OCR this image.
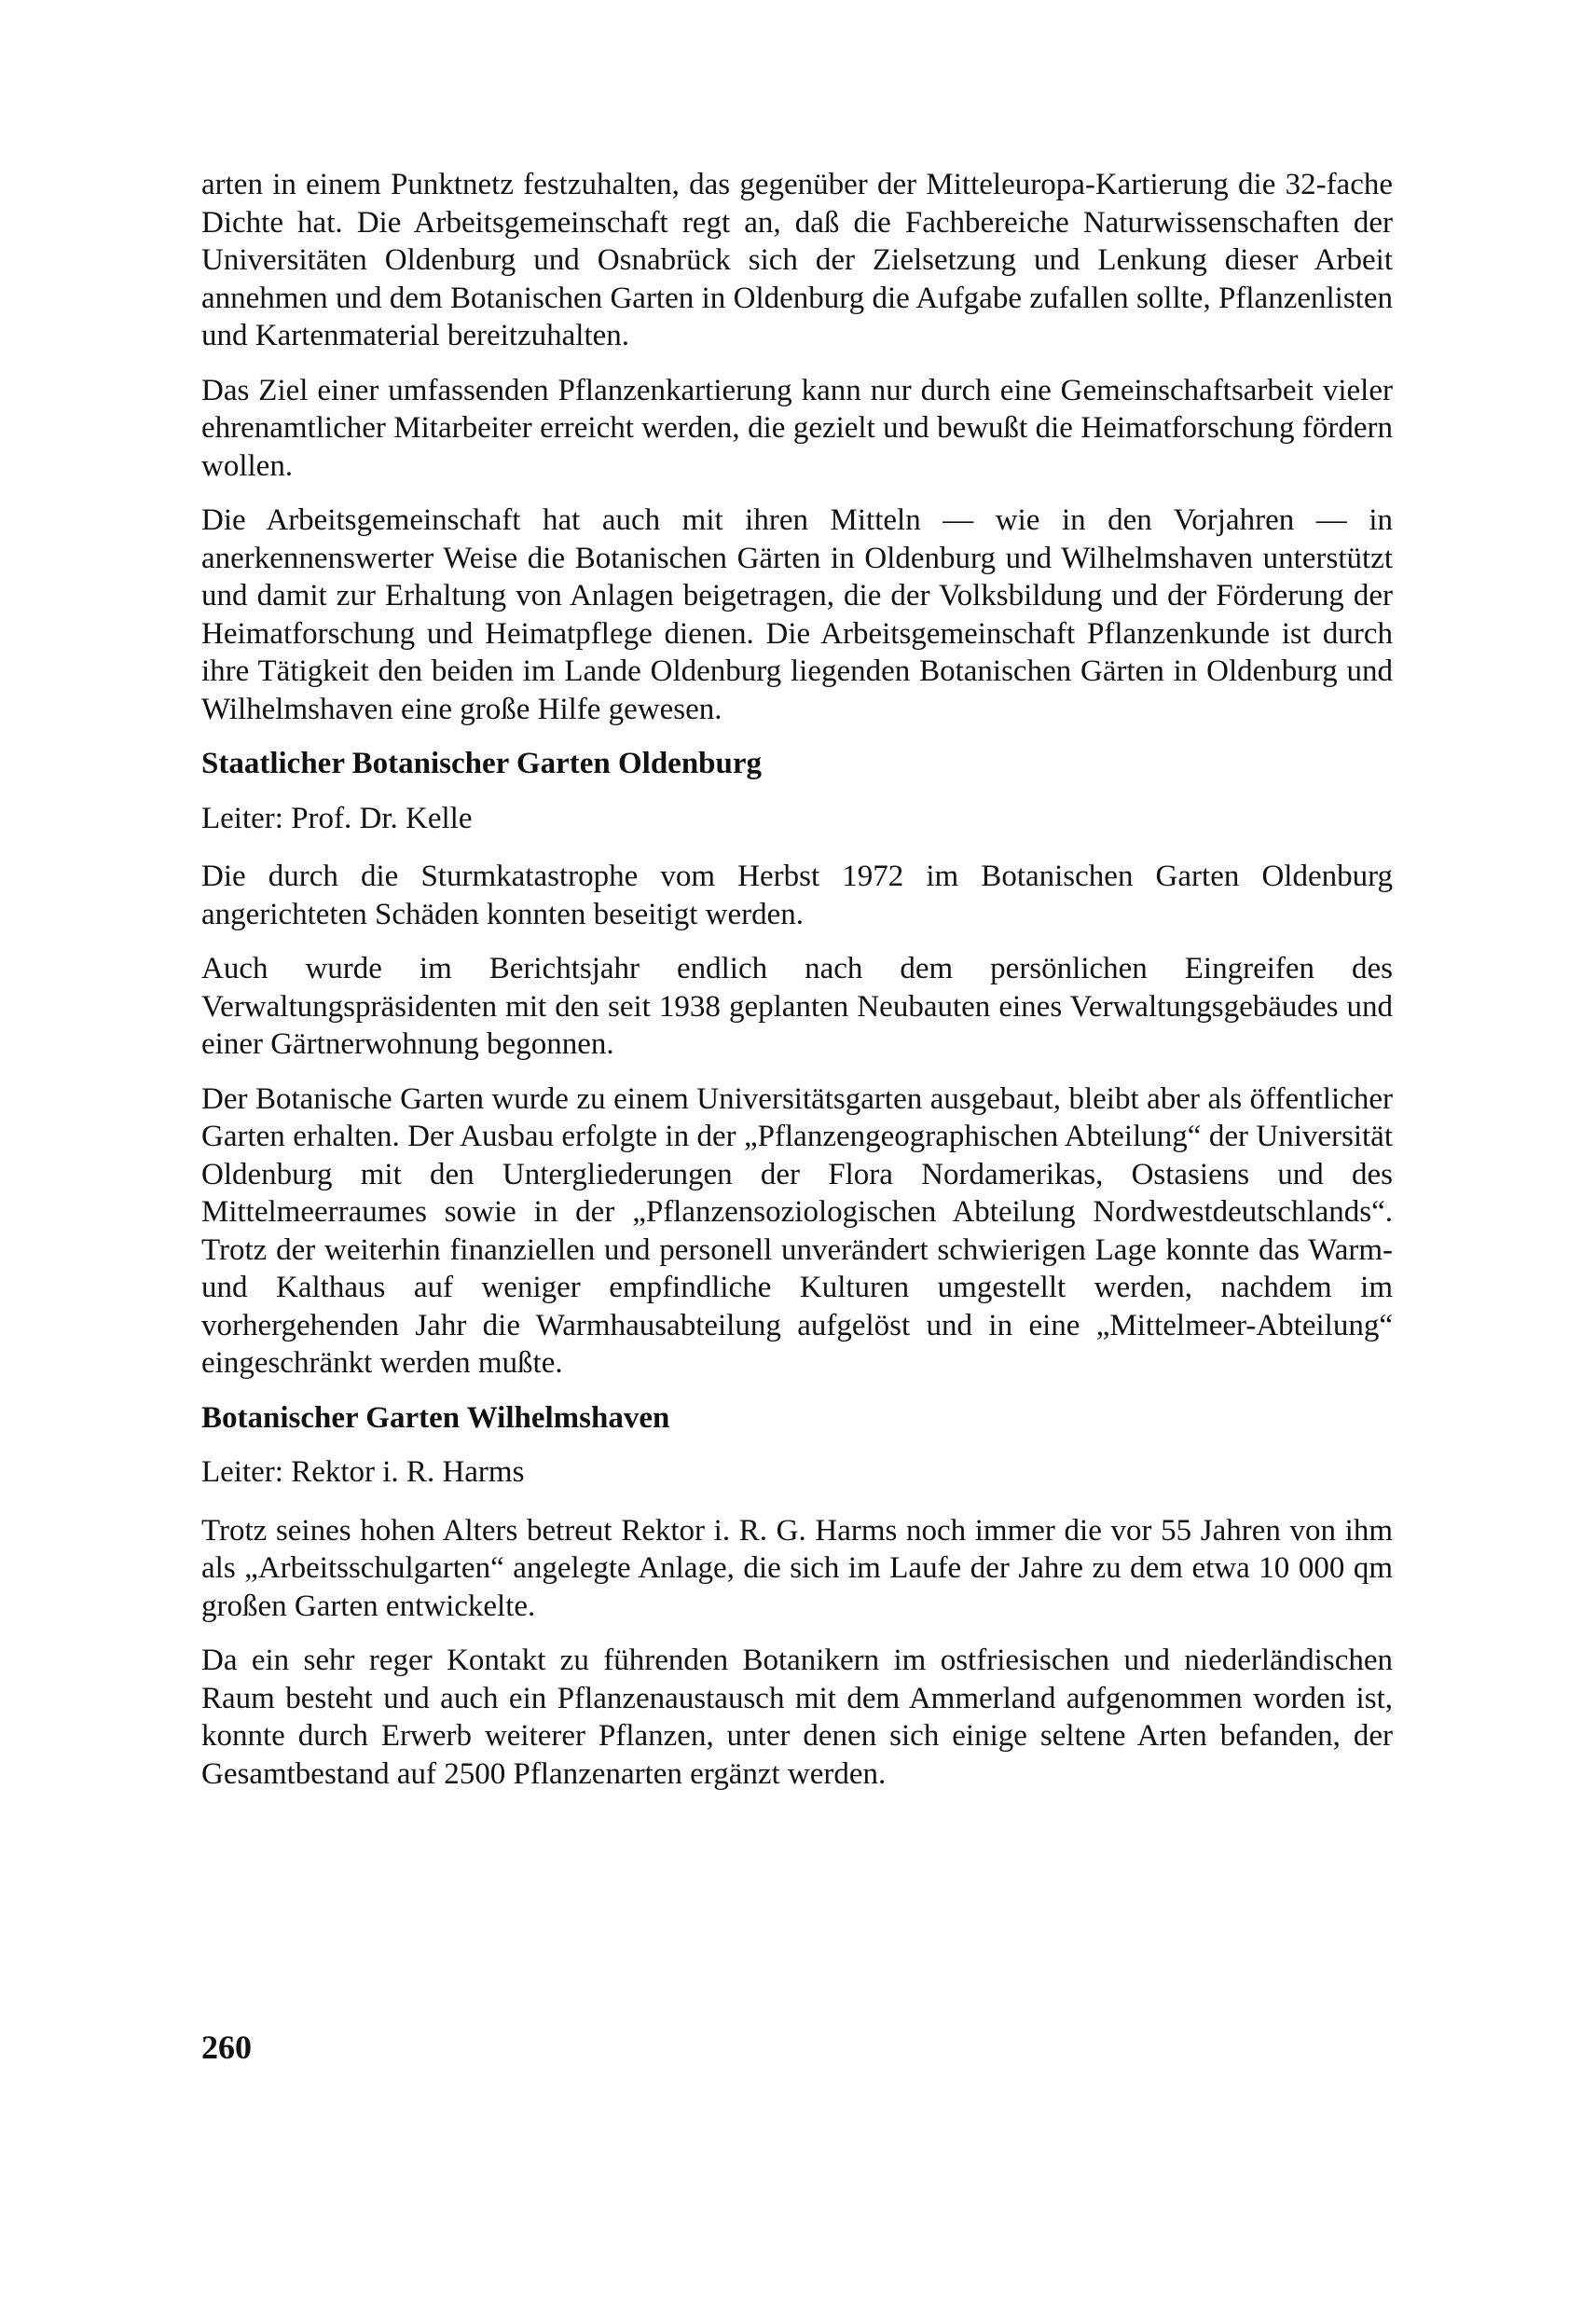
arten in einem Punktnetz festzuhalten, das gegenüber der Mitteleuropa-Kartierung die 32-fache Dichte hat. Die Arbeitsgemeinschaft regt an, daß die Fachbereiche Naturwissenschaften der Universitäten Oldenburg und Osnabrück sich der Zielsetzung und Lenkung dieser Arbeit annehmen und dem Botanischen Garten in Oldenburg die Aufgabe zufallen sollte, Pflanzenlisten und Kartenmaterial bereitzuhalten.

Das Ziel einer umfassenden Pflanzenkartierung kann nur durch eine Gemeinschaftsarbeit vieler ehrenamtlicher Mitarbeiter erreicht werden, die gezielt und bewußt die Heimatforschung fördern wollen.

Die Arbeitsgemeinschaft hat auch mit ihren Mitteln — wie in den Vorjahren — in anerkennenswerter Weise die Botanischen Gärten in Oldenburg und Wilhelmshaven unterstützt und damit zur Erhaltung von Anlagen beigetragen, die der Volksbildung und der Förderung der Heimatforschung und Heimatpflege dienen. Die Arbeitsgemeinschaft Pflanzenkunde ist durch ihre Tätigkeit den beiden im Lande Oldenburg liegenden Botanischen Gärten in Oldenburg und Wilhelmshaven eine große Hilfe gewesen.

Staatlicher Botanischer Garten Oldenburg
Leiter: Prof. Dr. Kelle

Die durch die Sturmkatastrophe vom Herbst 1972 im Botanischen Garten Oldenburg angerichteten Schäden konnten beseitigt werden.

Auch wurde im Berichtsjahr endlich nach dem persönlichen Eingreifen des Verwaltungspräsidenten mit den seit 1938 geplanten Neubauten eines Verwaltungsgebäudes und einer Gärtnerwohnung begonnen.

Der Botanische Garten wurde zu einem Universitätsgarten ausgebaut, bleibt aber als öffentlicher Garten erhalten. Der Ausbau erfolgte in der „Pflanzengeographischen Abteilung“ der Universität Oldenburg mit den Untergliederungen der Flora Nordamerikas, Ostasiens und des Mittelmeerraumes sowie in der „Pflanzensoziologischen Abteilung Nordwestdeutschlands“. Trotz der weiterhin finanziellen und personell unverändert schwierigen Lage konnte das Warm- und Kalthaus auf weniger empfindliche Kulturen umgestellt werden, nachdem im vorhergehenden Jahr die Warmhausabteilung aufgelöst und in eine „Mittelmeer-Abteilung“ eingeschränkt werden mußte.

Botanischer Garten Wilhelmshaven
Leiter: Rektor i. R. Harms

Trotz seines hohen Alters betreut Rektor i. R. G. Harms noch immer die vor 55 Jahren von ihm als „Arbeitsschulgarten“ angelegte Anlage, die sich im Laufe der Jahre zu dem etwa 10 000 qm großen Garten entwickelte.

Da ein sehr reger Kontakt zu führenden Botanikern im ostfriesischen und niederländischen Raum besteht und auch ein Pflanzenaustausch mit dem Ammerland aufgenommen worden ist, konnte durch Erwerb weiterer Pflanzen, unter denen sich einige seltene Arten befanden, der Gesamtbestand auf 2500 Pflanzenarten ergänzt werden.

260
